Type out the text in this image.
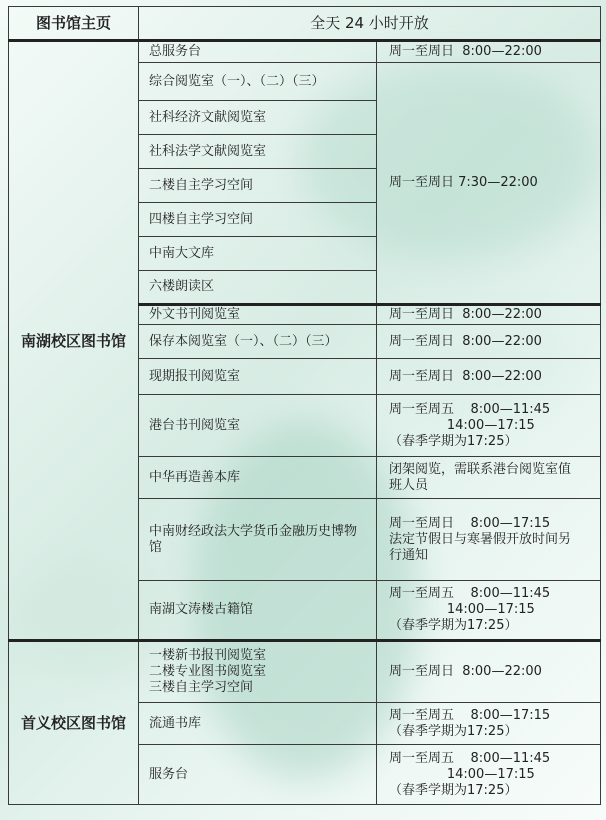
图书馆主页	全天 24 小时开放	
南湖校区图书馆	总服务台	周一至周日  8:00—22:00

	综合阅览室（一）、（二）（三）	周一至周日 7:30—22:00

	社科经济文献阅览室	
	社科法学文献阅览室	
	二楼自主学习空间	
	四楼自主学习空间	
	中南大文库	
	六楼朗读区	
	外文书刊阅览室	周一至周日  8:00—22:00

	保存本阅览室（一）、（二）（三）	周一至周日  8:00—22:00

	现期报刊阅览室	周一至周日  8:00—22:00

	港台书刊阅览室	周一至周五    8:00—11:45
14:00—17:15
（春季学期为17:25）

	中华再造善本库	闭架阅览，需联系港台阅览室值
班人员

	中南财经政法大学货币金融历史博物馆	周一至周日    8:00—17:15
法定节假日与寒暑假开放时间另
行通知

	南湖文涛楼古籍馆	周一至周五    8:00—11:45
14:00—17:15
（春季学期为17:25）

首义校区图书馆	一楼新书报刊阅览室
二楼专业图书阅览室
三楼自主学习空间	周一至周日  8:00—22:00

	流通书库	周一至周五    8:00—17:15
（春季学期为17:25）

	服务台	周一至周五    8:00—11:45
14:00—17:15
（春季学期为17:25）
